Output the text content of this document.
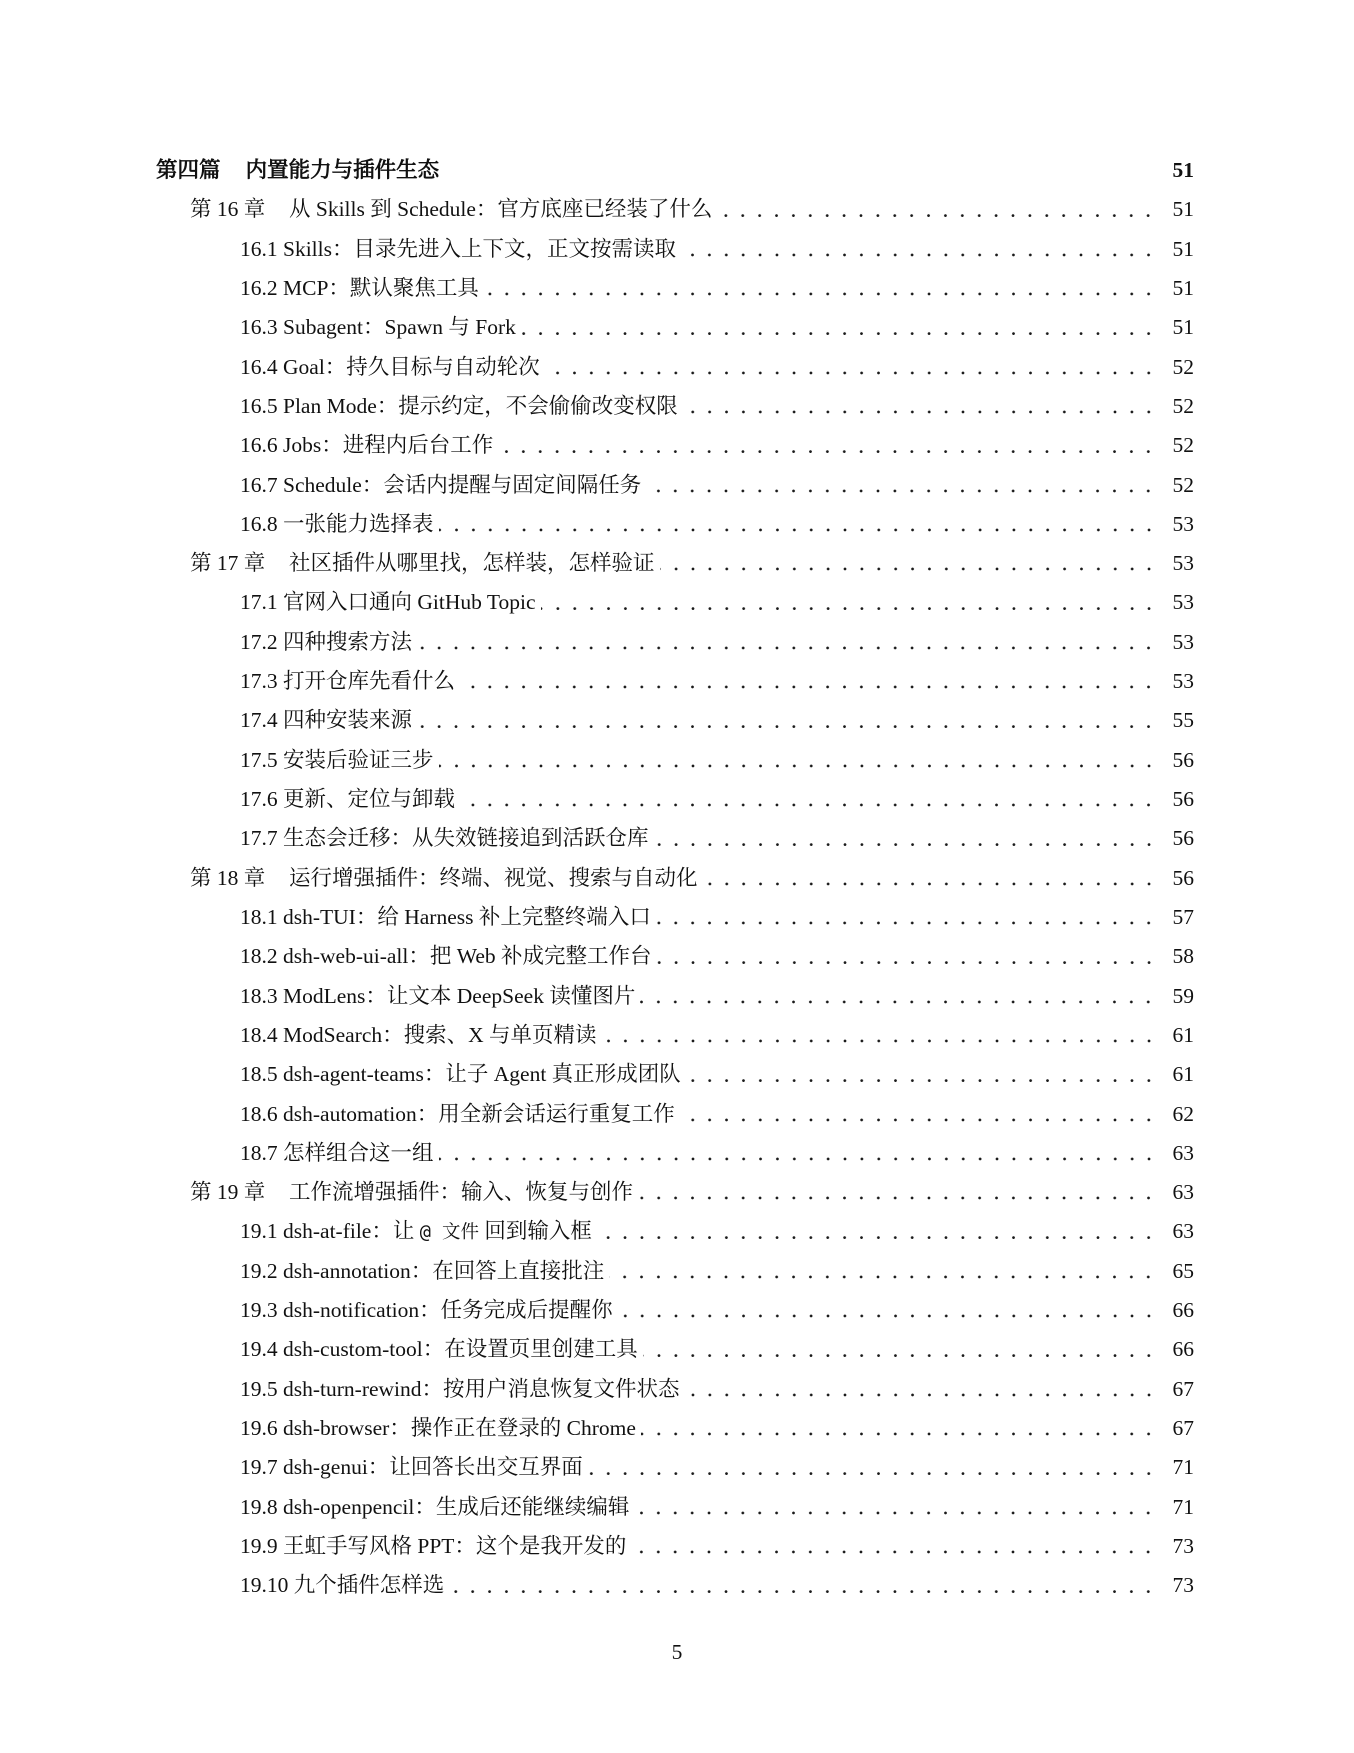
第四篇 内置能力与插件生态	51
第 16 章 从 Skills 到 Schedule：官方底座已经装了什么	51
16.1 Skills：目录先进入上下文，正文按需读取	51
16.2 MCP：默认聚焦工具	51
16.3 Subagent：Spawn 与 Fork	51
16.4 Goal：持久目标与自动轮次	52
16.5 Plan Mode：提示约定，不会偷偷改变权限	52
16.6 Jobs：进程内后台工作	52
16.7 Schedule：会话内提醒与固定间隔任务	52
16.8 一张能力选择表	53
第 17 章 社区插件从哪里找，怎样装，怎样验证	53
17.1 官网入口通向 GitHub Topic	53
17.2 四种搜索方法	53
17.3 打开仓库先看什么	53
17.4 四种安装来源	55
17.5 安装后验证三步	56
17.6 更新、定位与卸载	56
17.7 生态会迁移：从失效链接追到活跃仓库	56
第 18 章 运行增强插件：终端、视觉、搜索与自动化	56
18.1 dsh-TUI：给 Harness 补上完整终端入口	57
18.2 dsh-web-ui-all：把 Web 补成完整工作台	58
18.3 ModLens：让文本 DeepSeek 读懂图片	59
18.4 ModSearch：搜索、X 与单页精读	61
18.5 dsh-agent-teams：让子 Agent 真正形成团队	61
18.6 dsh-automation：用全新会话运行重复工作	62
18.7 怎样组合这一组	63
第 19 章 工作流增强插件：输入、恢复与创作	63
19.1 dsh-at-file：让 @ 文件 回到输入框	63
19.2 dsh-annotation：在回答上直接批注	65
19.3 dsh-notification：任务完成后提醒你	66
19.4 dsh-custom-tool：在设置页里创建工具	66
19.5 dsh-turn-rewind：按用户消息恢复文件状态	67
19.6 dsh-browser：操作正在登录的 Chrome	67
19.7 dsh-genui：让回答长出交互界面	71
19.8 dsh-openpencil：生成后还能继续编辑	71
19.9 王虹手写风格 PPT：这个是我开发的	73
19.10 九个插件怎样选	73
5
